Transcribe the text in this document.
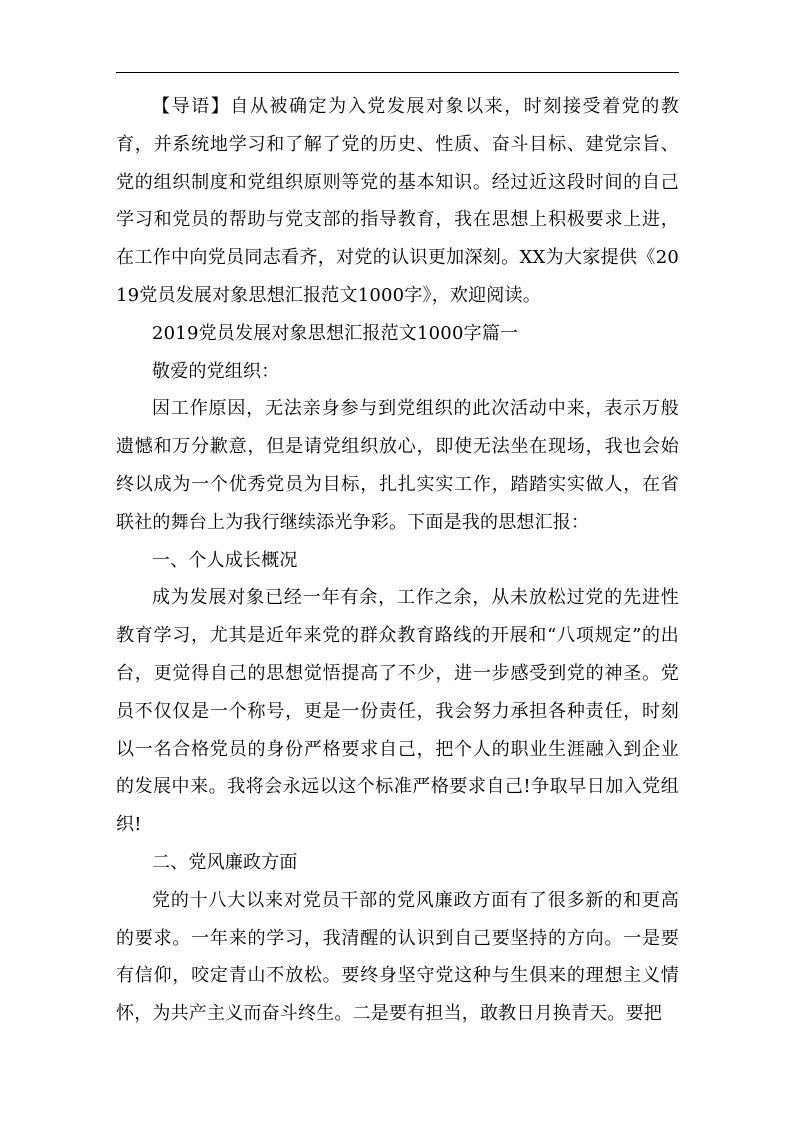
【导语】自从被确定为入党发展对象以来，时刻接受着党的教育，并系统地学习和了解了党的历史、性质、奋斗目标、建党宗旨、党的组织制度和党组织原则等党的基本知识。经过近这段时间的自己学习和党员的帮助与党支部的指导教育，我在思想上积极要求上进，在工作中向党员同志看齐，对党的认识更加深刻。XX为大家提供《2019党员发展对象思想汇报范文1000字》，欢迎阅读。

2019党员发展对象思想汇报范文1000字篇一

敬爱的党组织：

因工作原因，无法亲身参与到党组织的此次活动中来，表示万般遗憾和万分歉意，但是请党组织放心，即使无法坐在现场，我也会始终以成为一个优秀党员为目标，扎扎实实工作，踏踏实实做人，在省联社的舞台上为我行继续添光争彩。下面是我的思想汇报：

一、个人成长概况

成为发展对象已经一年有余，工作之余，从未放松过党的先进性教育学习，尤其是近年来党的群众教育路线的开展和“八项规定”的出台，更觉得自己的思想觉悟提高了不少，进一步感受到党的神圣。党员不仅仅是一个称号，更是一份责任，我会努力承担各种责任，时刻以一名合格党员的身份严格要求自己，把个人的职业生涯融入到企业的发展中来。我将会永远以这个标准严格要求自己!争取早日加入党组织!

二、党风廉政方面

党的十八大以来对党员干部的党风廉政方面有了很多新的和更高的要求。一年来的学习，我清醒的认识到自己要坚持的方向。一是要有信仰，咬定青山不放松。要终身坚守党这种与生俱来的理想主义情怀，为共产主义而奋斗终生。二是要有担当，敢教日月换青天。要把
